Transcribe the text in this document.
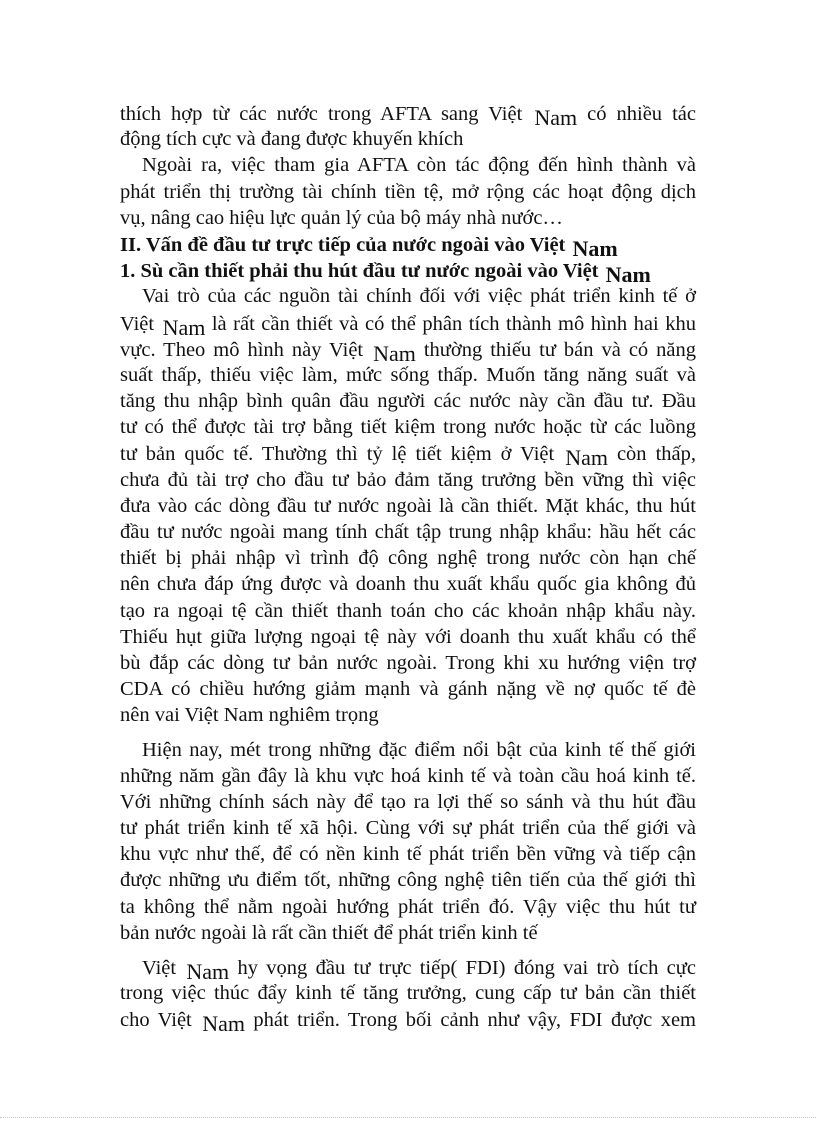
thích hợp từ các nước trong AFTA sang Việt Nam có nhiều tác
động tích cực và đang được khuyến khích
Ngoài ra, việc tham gia AFTA còn tác động đến hình thành và
phát triển thị trường tài chính tiền tệ, mở rộng các hoạt động dịch
vụ, nâng cao hiệu lực quản lý của bộ máy nhà nước…
II. Vấn đề đầu tư trực tiếp của nước ngoài vào Việt Nam
1. Sù cần thiết phải thu hút đầu tư nước ngoài vào Việt Nam
Vai trò của các nguồn tài chính đối với việc phát triển kinh tế ở
Việt Nam là rất cần thiết và có thể phân tích thành mô hình hai khu
vực. Theo mô hình này Việt Nam thường thiếu tư bán và có năng
suất thấp, thiếu việc làm, mức sống thấp. Muốn tăng năng suất và
tăng thu nhập bình quân đầu người các nước này cần đầu tư. Đầu
tư có thể được tài trợ bằng tiết kiệm trong nước hoặc từ các luồng
tư bản quốc tế. Thường thì tỷ lệ tiết kiệm ở Việt Nam còn thấp,
chưa đủ tài trợ cho đầu tư bảo đảm tăng trưởng bền vững thì việc
đưa vào các dòng đầu tư nước ngoài là cần thiết. Mặt khác, thu hút
đầu tư nước ngoài mang tính chất tập trung nhập khẩu: hầu hết các
thiết bị phải nhập vì trình độ công nghệ trong nước còn hạn chế
nên chưa đáp ứng được và doanh thu xuất khẩu quốc gia không đủ
tạo ra ngoại tệ cần thiết thanh toán cho các khoản nhập khẩu này.
Thiếu hụt giữa lượng ngoại tệ này với doanh thu xuất khẩu có thể
bù đắp các dòng tư bản nước ngoài. Trong khi xu hướng viện trợ
CDA có chiều hướng giảm mạnh và gánh nặng về nợ quốc tế đè
nên vai Việt Nam nghiêm trọng
Hiện nay, mét trong những đặc điểm nổi bật của kinh tế thế giới
những năm gần đây là khu vực hoá kinh tế và toàn cầu hoá kinh tế.
Với những chính sách này để tạo ra lợi thế so sánh và thu hút đầu
tư phát triển kinh tế xã hội. Cùng với sự phát triển của thế giới và
khu vực như thế, để có nền kinh tế phát triển bền vững và tiếp cận
được những ưu điểm tốt, những công nghệ tiên tiến của thế giới thì
ta không thể nằm ngoài hướng phát triển đó. Vậy việc thu hút tư
bản nước ngoài là rất cần thiết để phát triển kinh tế
Việt Nam hy vọng đầu tư trực tiếp( FDI) đóng vai trò tích cực
trong việc thúc đẩy kinh tế tăng trưởng, cung cấp tư bản cần thiết
cho Việt Nam phát triển. Trong bối cảnh như vậy, FDI được xem
